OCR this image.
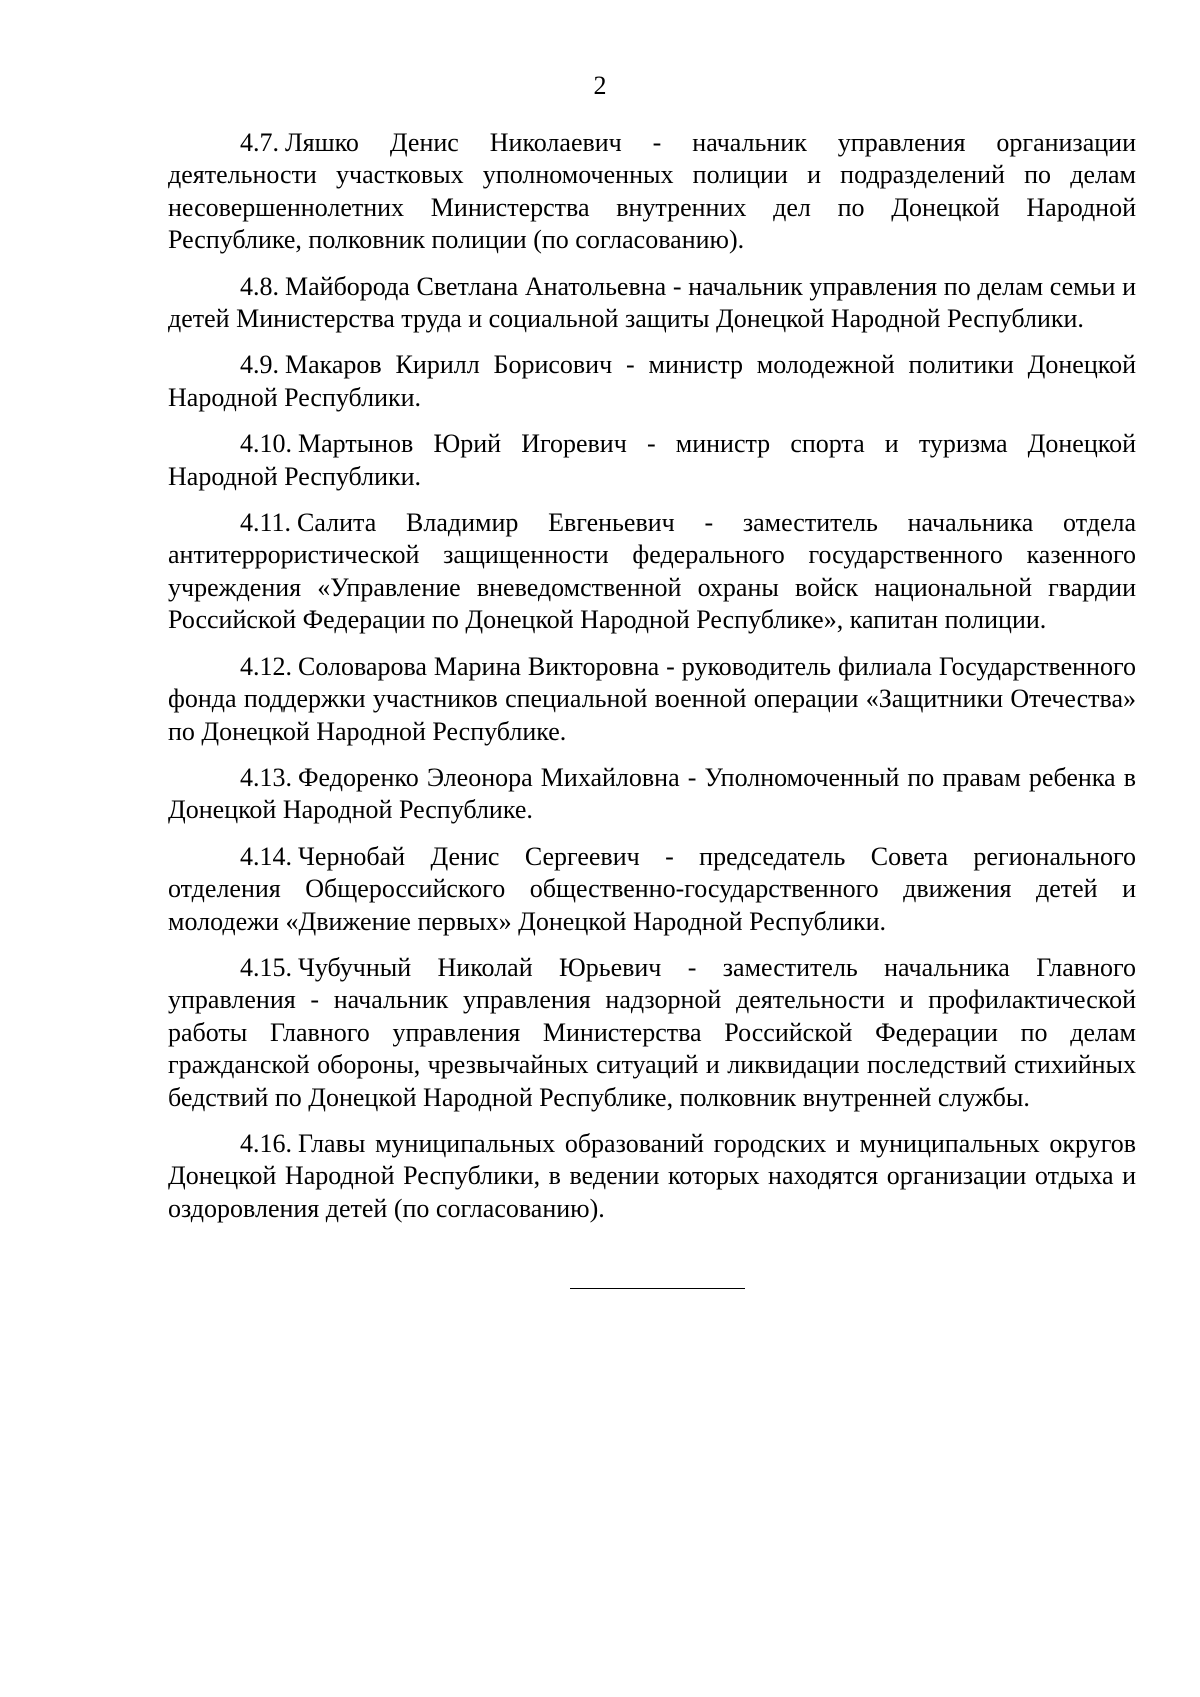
2

4.7. Ляшко Денис Николаевич - начальник управления организации деятельности участковых уполномоченных полиции и подразделений по делам несовершеннолетних Министерства внутренних дел по Донецкой Народной Республике, полковник полиции (по согласованию).

4.8. Майборода Светлана Анатольевна - начальник управления по делам семьи и детей Министерства труда и социальной защиты Донецкой Народной Республики.

4.9. Макаров Кирилл Борисович - министр молодежной политики Донецкой Народной Республики.

4.10. Мартынов Юрий Игоревич - министр спорта и туризма Донецкой Народной Республики.

4.11. Салита Владимир Евгеньевич - заместитель начальника отдела антитеррористической защищенности федерального государственного казенного учреждения «Управление вневедомственной охраны войск национальной гвардии Российской Федерации по Донецкой Народной Республике», капитан полиции.

4.12. Соловарова Марина Викторовна - руководитель филиала Государственного фонда поддержки участников специальной военной операции «Защитники Отечества» по Донецкой Народной Республике.

4.13. Федоренко Элеонора Михайловна - Уполномоченный по правам ребенка в Донецкой Народной Республике.

4.14. Чернобай Денис Сергеевич - председатель Совета регионального отделения Общероссийского общественно-государственного движения детей и молодежи «Движение первых» Донецкой Народной Республики.

4.15. Чубучный Николай Юрьевич - заместитель начальника Главного управления - начальник управления надзорной деятельности и профилактической работы Главного управления Министерства Российской Федерации по делам гражданской обороны, чрезвычайных ситуаций и ликвидации последствий стихийных бедствий по Донецкой Народной Республике, полковник внутренней службы.

4.16. Главы муниципальных образований городских и муниципальных округов Донецкой Народной Республики, в ведении которых находятся организации отдыха и оздоровления детей (по согласованию).
